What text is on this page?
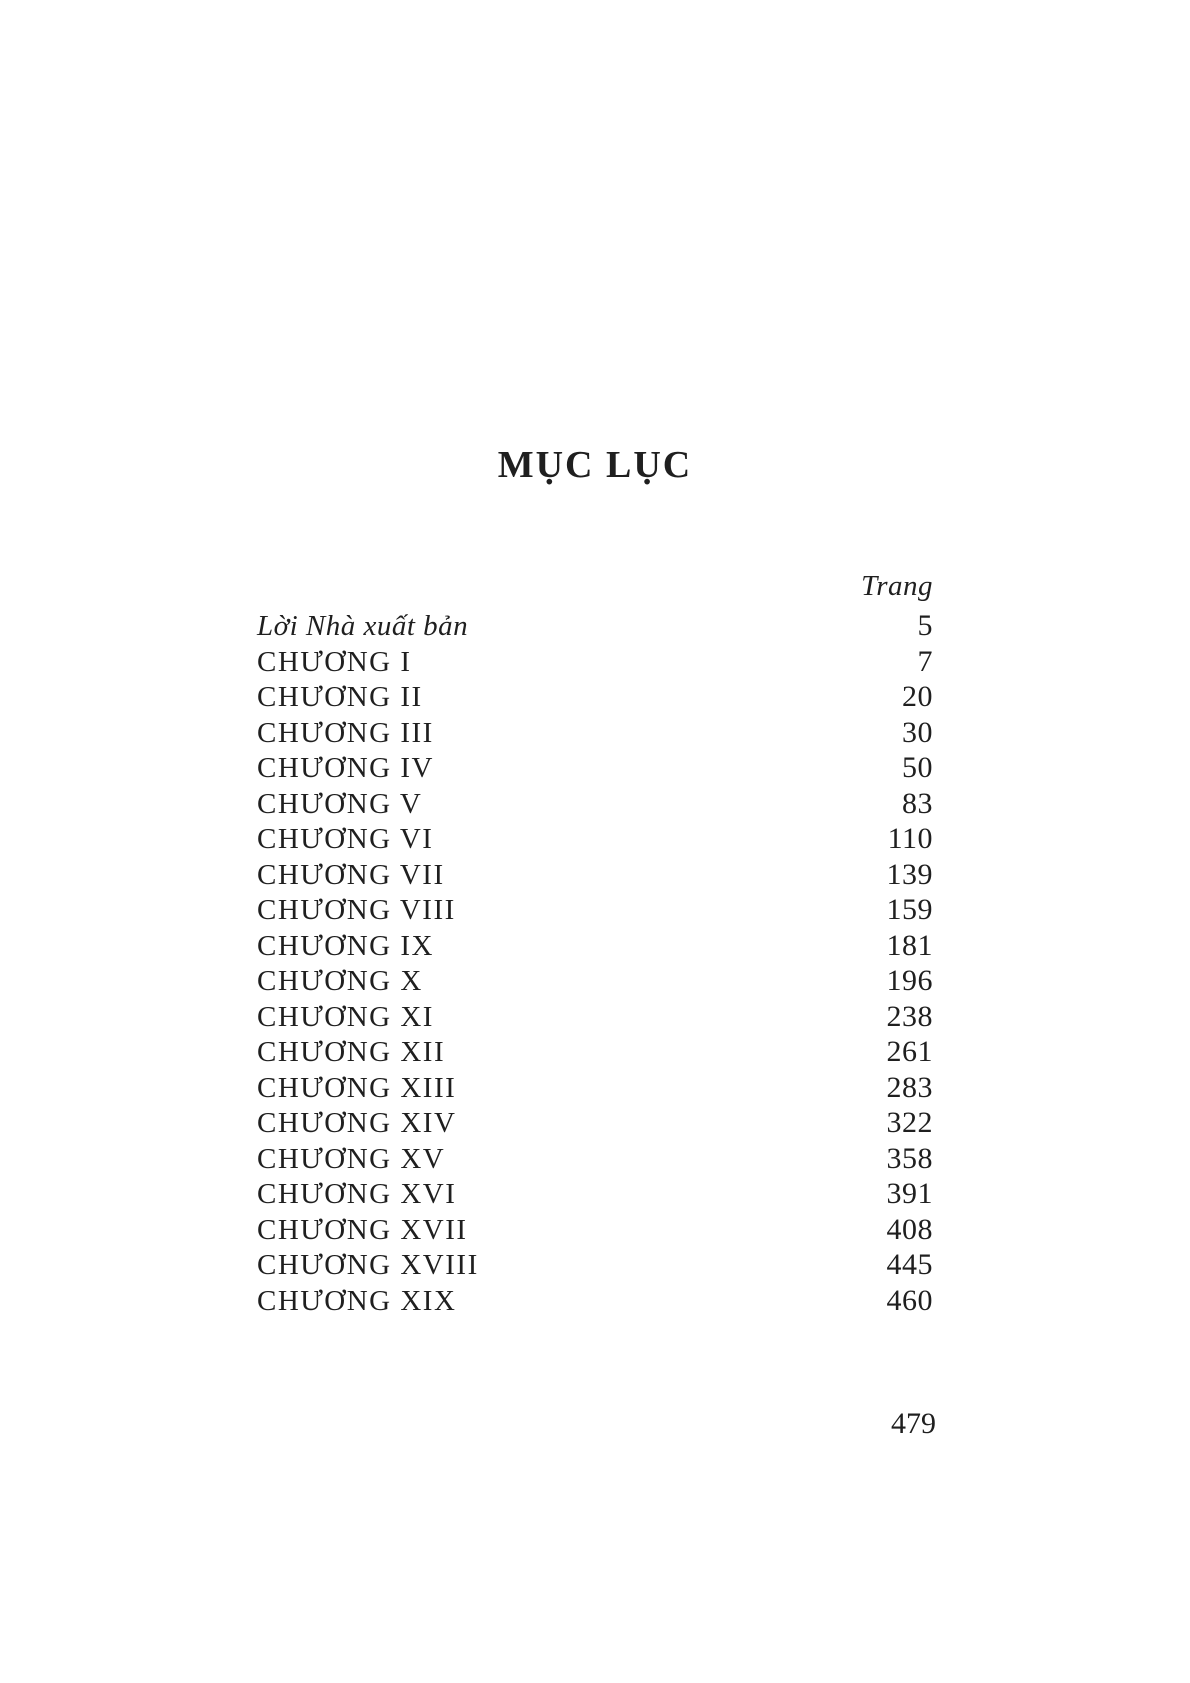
MỤC LỤC
Trang
Lời Nhà xuất bản	5
CHƯƠNG I	7
CHƯƠNG II	20
CHƯƠNG III	30
CHƯƠNG IV	50
CHƯƠNG V	83
CHƯƠNG VI	110
CHƯƠNG VII	139
CHƯƠNG VIII	159
CHƯƠNG IX	181
CHƯƠNG X	196
CHƯƠNG XI	238
CHƯƠNG XII	261
CHƯƠNG XIII	283
CHƯƠNG XIV	322
CHƯƠNG XV	358
CHƯƠNG XVI	391
CHƯƠNG XVII	408
CHƯƠNG XVIII	445
CHƯƠNG XIX	460
479
